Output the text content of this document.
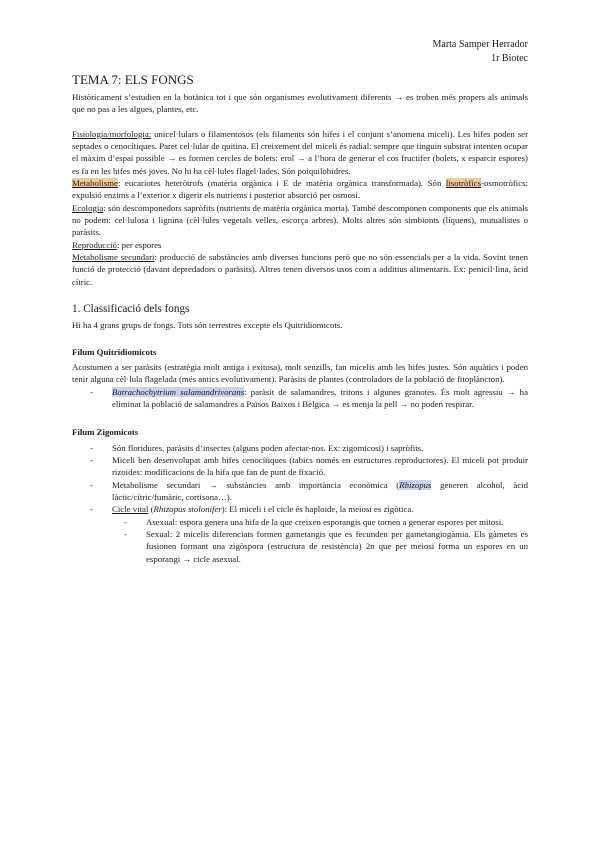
Marta Samper Herrador
1r Biotec
TEMA 7: ELS FONGS

Històricament s’estudien en la botànica tot i que són organismes evolutivament diferents → es troben més propers als animals que no pas a les algues, plantes, etc.

Fisiologia/morfologia: unicel·lulars o filamentosos (els filaments són hifes i el conjunt s’anomena miceli). Les hifes poden ser septades o cenocítiques. Paret cel·lular de quitina. El creixement del miceli és radial: sempre que tinguin substrat intenten ocupar el màxim d’espai possible → es formen cercles de bolets: erol → a l’hora de generar el cos fructifer (bolets, x esparcir espores) es fa en les hifes més joves. No hi ha cèl·lules flagel·lades. Són poiquilohidres.

Metabolisme: eucariotes heteròtrofs (matèria orgànica i E de matèria orgànica transformada). Són lisotròfics-osmotròfics: expulsió enzims a l’exterior x digerir els nutrients i posterior absorció per osmosi.

Ecologia: són descomponedors sapròfits (nutrients de matèria orgànica morta). També descomponen components que els animals no podem: cel·lulosa i lignina (cèl·lules vegetals velles, escorça arbres). Molts altres són simbionts (líquens), mutualistes o paràsits.

Reproducció: per espores

Metabolisme secundari: producció de substàncies amb diverses funcions però que no són essencials per a la vida. Sovint tenen funció de protecció (davant depredadors o paràsits). Altres tenen diversos usos com a additius alimentaris. Ex: penicil·lina, àcid cítric.

1. Classificació dels fongs

Hi ha 4 grans grups de fongs. Tots són terrestres excepte els Quitridiomicots.

Fílum Quitridiomicots

Acostumen a ser paràsits (estratègia molt antiga i exitosa), molt senzills, fan micelis amb les hifes justes. Són aquàtics i poden tenir alguna cèl·lula flagelada (més antics evolutivament). Paràsits de plantes (controladors de la població de fitoplàncton).

- Batrachochytrium salamandrivorans: paràsit de salamandres, tritons i algunes granotes. És molt agressiu → ha eliminat la població de salamandres a Països Baixos i Bèlgica → es menja la pell → no poden respirar.

Fílum Zigomicots

- Són floridures, paràsits d’insectes (alguns poden afectar-nos. Ex: zigomicosi) i sapròfits.
- Miceli ben desenvolupat amb hifes cenocítiques (tabics només en estructures reproductores). El miceli pot produir rizoides: modificacions de la hifa que fan de punt de fixació.
- Metabolisme secundari → substàncies amb importància econòmica (Rhizopus generen alcohol, àcid làctic/cítric/fumàric, cortisona…).
- Cicle vital (Rhizopus stolonifer): El miceli i el cicle és haploide, la meiosi es zigòtica.
- Asexual: espora genera una hifa de la que creixen esporangis que tornen a generar espores per mitosi.
- Sexual: 2 micelis diferenciats formen gametangis que es fecunden per gametangiogàmia. Els gàmetes es fusionen formant una zigòspora (estructura de resistència) 2n que per meiosi forma un espores en un esporangi → cicle asexual.
